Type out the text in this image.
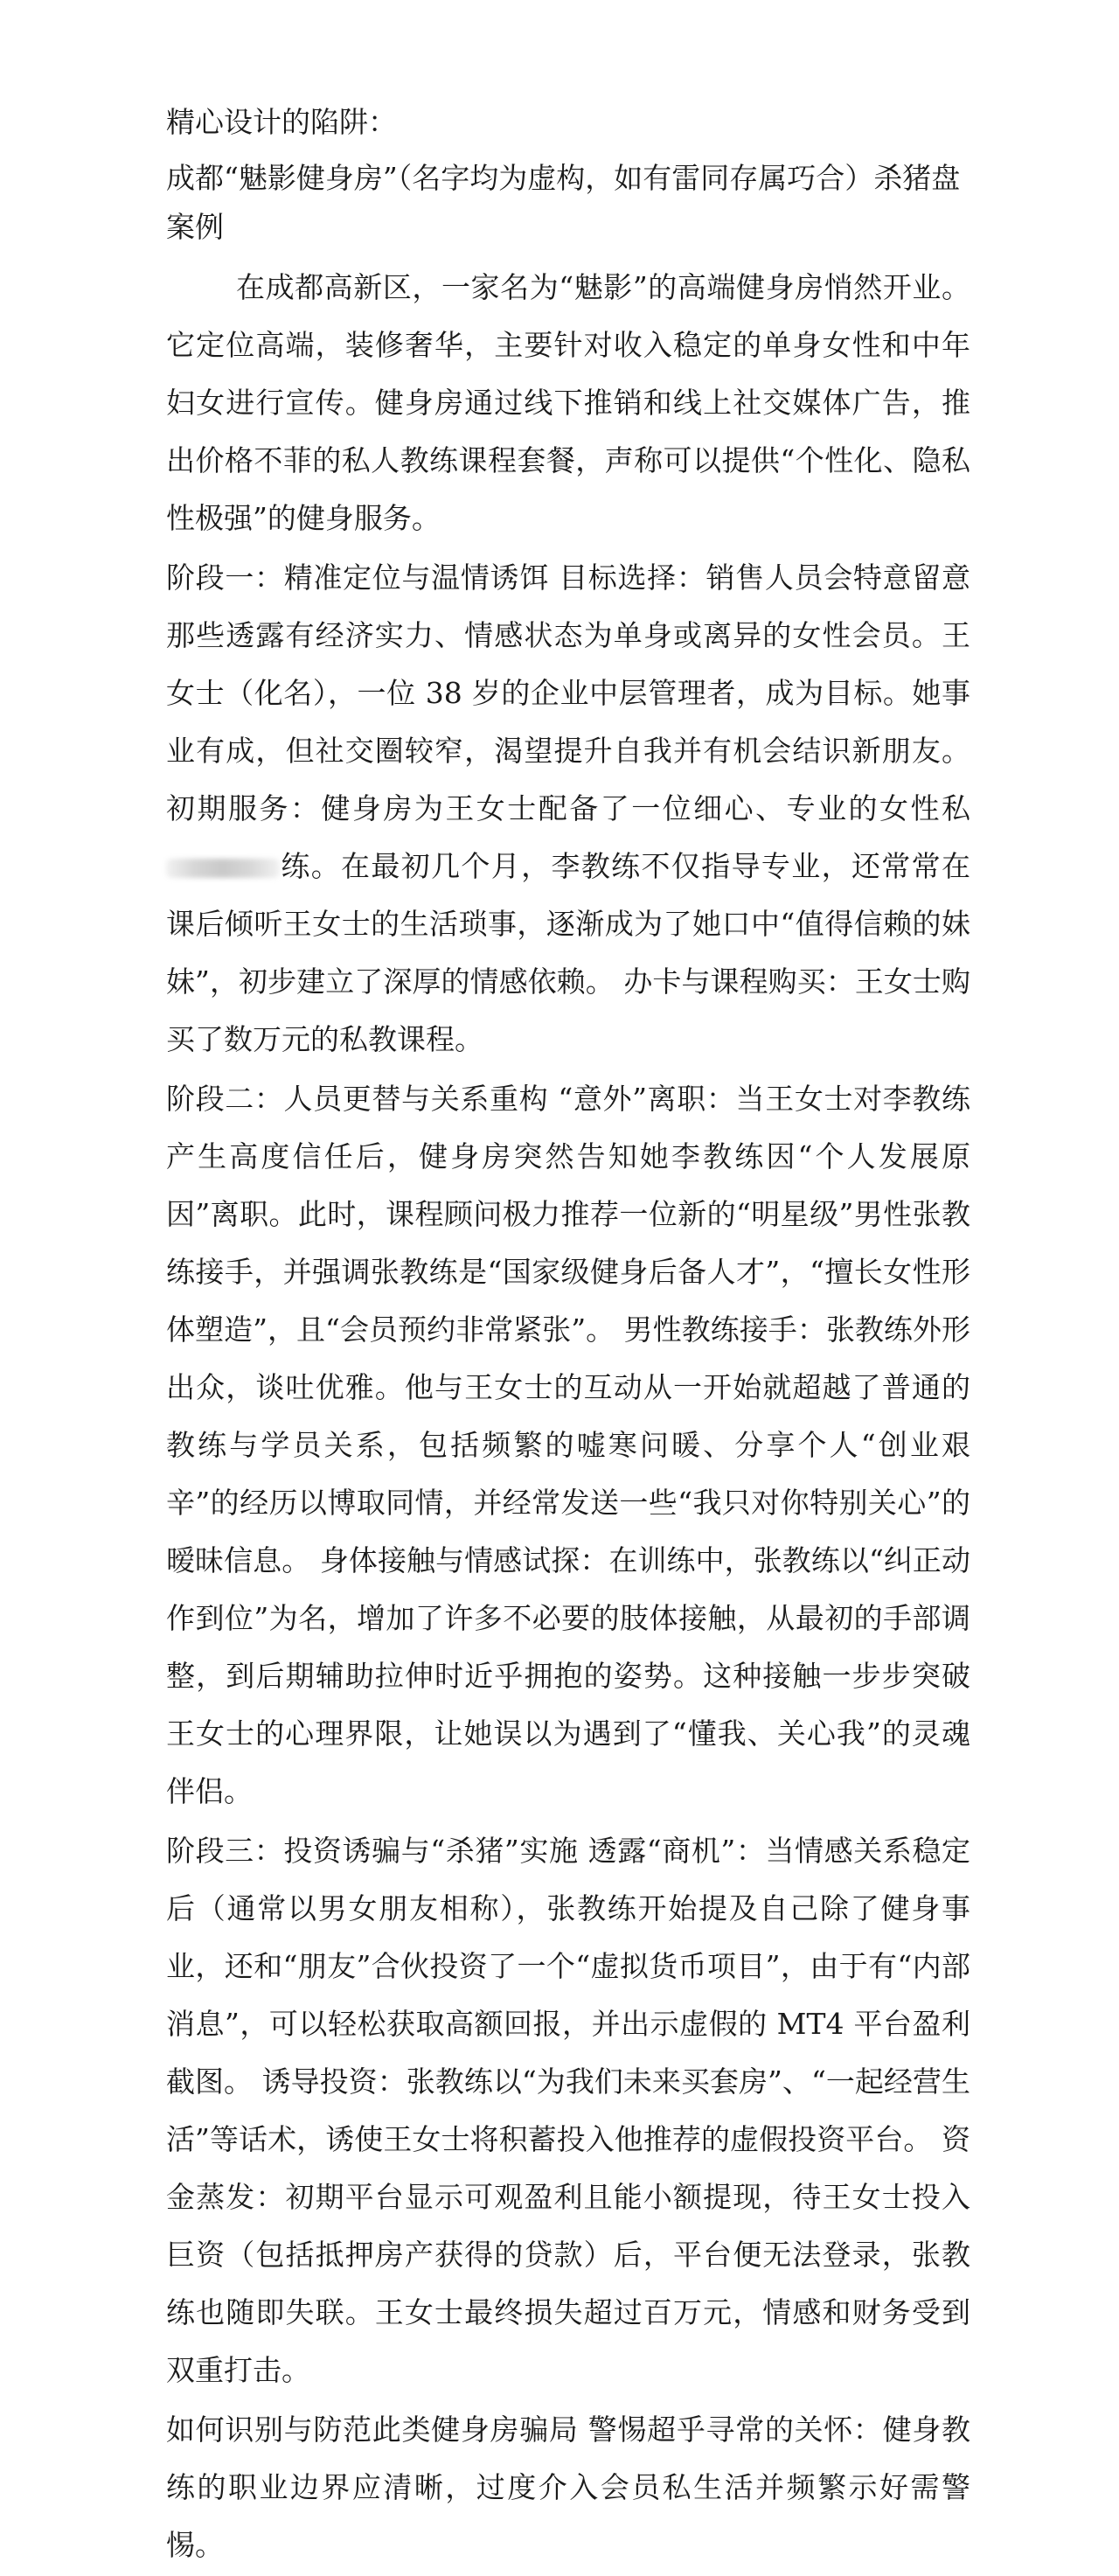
精心设计的陷阱：

成都“魅影健身房”（名字均为虚构，如有雷同存属巧合）杀猪盘案例

在成都高新区，一家名为“魅影”的高端健身房悄然开业。它定位高端，装修奢华，主要针对收入稳定的单身女性和中年妇女进行宣传。健身房通过线下推销和线上社交媒体广告，推出价格不菲的私人教练课程套餐，声称可以提供“个性化、隐私性极强”的健身服务。

阶段一：精准定位与温情诱饵 目标选择：销售人员会特意留意那些透露有经济实力、情感状态为单身或离异的女性会员。王女士（化名），一位 38 岁的企业中层管理者，成为目标。她事业有成，但社交圈较窄，渴望提升自我并有机会结识新朋友。 初期服务：健身房为王女士配备了一位细心、专业的女性私练。在最初几个月，李教练不仅指导专业，还常常在课后倾听王女士的生活琐事，逐渐成为了她口中“值得信赖的妹妹”，初步建立了深厚的情感依赖。 办卡与课程购买：王女士购买了数万元的私教课程。

阶段二：人员更替与关系重构 “意外”离职：当王女士对李教练产生高度信任后，健身房突然告知她李教练因“个人发展原因”离职。此时，课程顾问极力推荐一位新的“明星级”男性张教练接手，并强调张教练是“国家级健身后备人才”，“擅长女性形体塑造”，且“会员预约非常紧张”。 男性教练接手：张教练外形出众，谈吐优雅。他与王女士的互动从一开始就超越了普通的教练与学员关系，包括频繁的嘘寒问暖、分享个人“创业艰辛”的经历以博取同情，并经常发送一些“我只对你特别关心”的暧昧信息。 身体接触与情感试探：在训练中，张教练以“纠正动作到位”为名，增加了许多不必要的肢体接触，从最初的手部调整，到后期辅助拉伸时近乎拥抱的姿势。这种接触一步步突破王女士的心理界限，让她误以为遇到了“懂我、关心我”的灵魂伴侣。

阶段三：投资诱骗与“杀猪”实施 透露“商机”：当情感关系稳定后（通常以男女朋友相称），张教练开始提及自己除了健身事业，还和“朋友”合伙投资了一个“虚拟货币项目”，由于有“内部消息”，可以轻松获取高额回报，并出示虚假的 MT4 平台盈利截图。 诱导投资：张教练以“为我们未来买套房”、“一起经营生活”等话术，诱使王女士将积蓄投入他推荐的虚假投资平台。 资金蒸发：初期平台显示可观盈利且能小额提现，待王女士投入巨资（包括抵押房产获得的贷款）后，平台便无法登录，张教练也随即失联。王女士最终损失超过百万元，情感和财务受到双重打击。

如何识别与防范此类健身房骗局 警惕超乎寻常的关怀：健身教练的职业边界应清晰，过度介入会员私生活并频繁示好需警惕。
